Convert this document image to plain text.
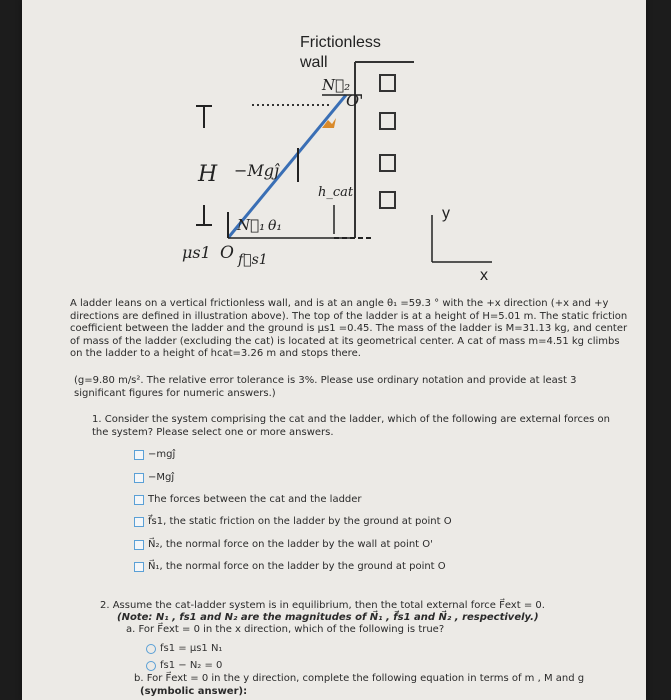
Frictionless
wall
N⃗₂
O'
H −Mgĵ
h_cat
N⃗₁ θ₁
μs1 O f⃗s1
y
x
A ladder leans on a vertical frictionless wall, and is at an angle θ₁ =59.3 ° with the +x direction (+x and +y directions are defined in illustration above). The top of the ladder is at a height of H=5.01 m. The static friction coefficient between the ladder and the ground is μs1 =0.45. The mass of the ladder is M=31.13 kg, and center of mass of the ladder (excluding the cat) is located at its geometrical center. A cat of mass m=4.51 kg climbs on the ladder to a height of hcat=3.26 m and stops there.
(g=9.80 m/s². The relative error tolerance is 3%. Please use ordinary notation and provide at least 3 significant figures for numeric answers.)
1. Consider the system comprising the cat and the ladder, which of the following are external forces on the system? Please select one or more answers.
−mgĵ
−Mgĵ
The forces between the cat and the ladder
f⃗s1, the static friction on the ladder by the ground at point O
N⃗₂, the normal force on the ladder by the wall at point O'
N⃗₁, the normal force on the ladder by the ground at point O
2. Assume the cat-ladder system is in equilibrium, then the total external force F⃗ext = 0.
(Note: N₁ , fs1 and N₂ are the magnitudes of N⃗₁ , f⃗s1 and N⃗₂ , respectively.)
a. For F⃗ext = 0 in the x direction, which of the following is true?
fs1 = μs1 N₁
fs1 − N₂ = 0
b. For F⃗ext = 0 in the y direction, complete the following equation in terms of m , M and g
(symbolic answer):
